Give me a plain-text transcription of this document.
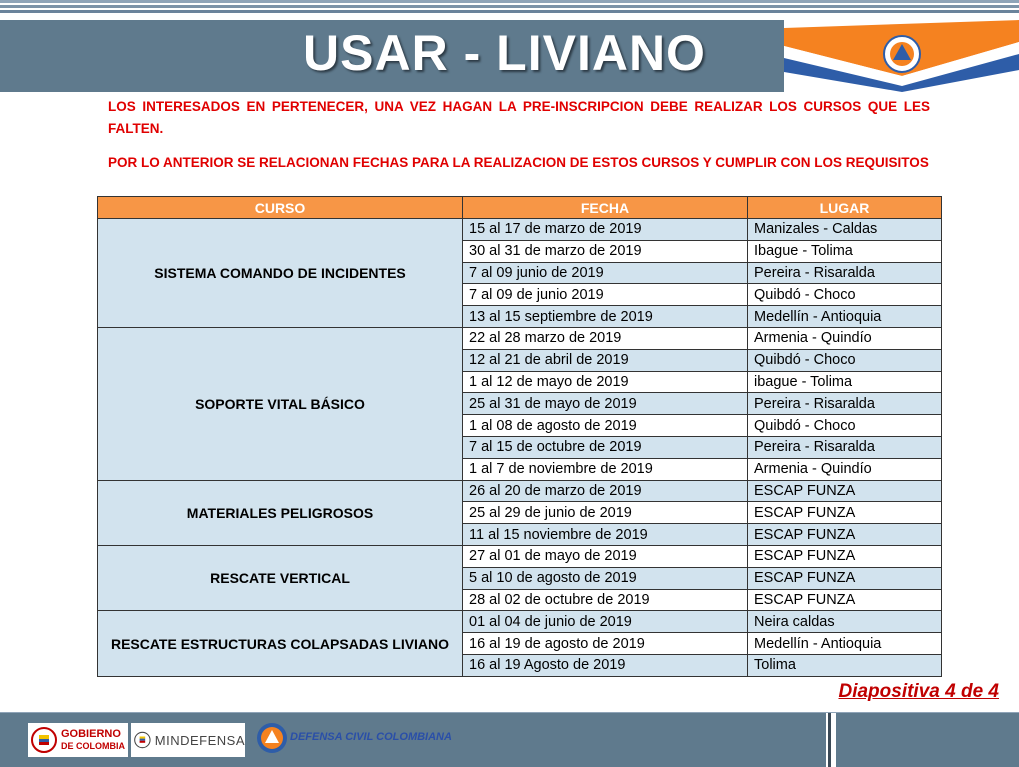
USAR - LIVIANO
LOS INTERESADOS EN PERTENECER, UNA VEZ HAGAN LA PRE-INSCRIPCION DEBE REALIZAR LOS CURSOS QUE LES FALTEN.
POR LO ANTERIOR SE RELACIONAN FECHAS PARA LA REALIZACION DE ESTOS CURSOS Y CUMPLIR CON LOS REQUISITOS
CURSO	FECHA	LUGAR
SISTEMA COMANDO DE INCIDENTES	15 al 17 de marzo de 2019	Manizales - Caldas
	30 al 31 de marzo de 2019	Ibague - Tolima
	7 al 09 junio de 2019	Pereira - Risaralda
	7 al 09 de junio 2019	Quibdó - Choco
	13 al 15 septiembre de 2019	Medellín - Antioquia
SOPORTE VITAL BÁSICO	22 al 28 marzo de 2019	Armenia - Quindío
	12 al 21 de abril de 2019	Quibdó - Choco
	1 al 12 de mayo de 2019	ibague - Tolima
	25 al 31 de mayo de 2019	Pereira - Risaralda
	1 al 08 de agosto de 2019	Quibdó - Choco
	7 al 15 de octubre de 2019	Pereira - Risaralda
	1 al 7 de noviembre de 2019	Armenia - Quindío
MATERIALES PELIGROSOS	26 al 20 de marzo de 2019	ESCAP FUNZA
	25 al 29 de junio de 2019	ESCAP FUNZA
	11 al 15 noviembre de 2019	ESCAP FUNZA
RESCATE VERTICAL	27 al 01 de mayo de 2019	ESCAP FUNZA
	5 al 10 de agosto de 2019	ESCAP FUNZA
	28 al 02 de octubre de 2019	ESCAP FUNZA
RESCATE ESTRUCTURAS COLAPSADAS LIVIANO	01 al 04 de junio de 2019	Neira caldas
	16 al 19 de agosto de 2019	Medellín - Antioquia
	16 al 19 Agosto de 2019	Tolima
Diapositiva 4 de 4
GOBIERNO
DE COLOMBIA MINDEFENSA	DEFENSA CIVIL COLOMBIANA
